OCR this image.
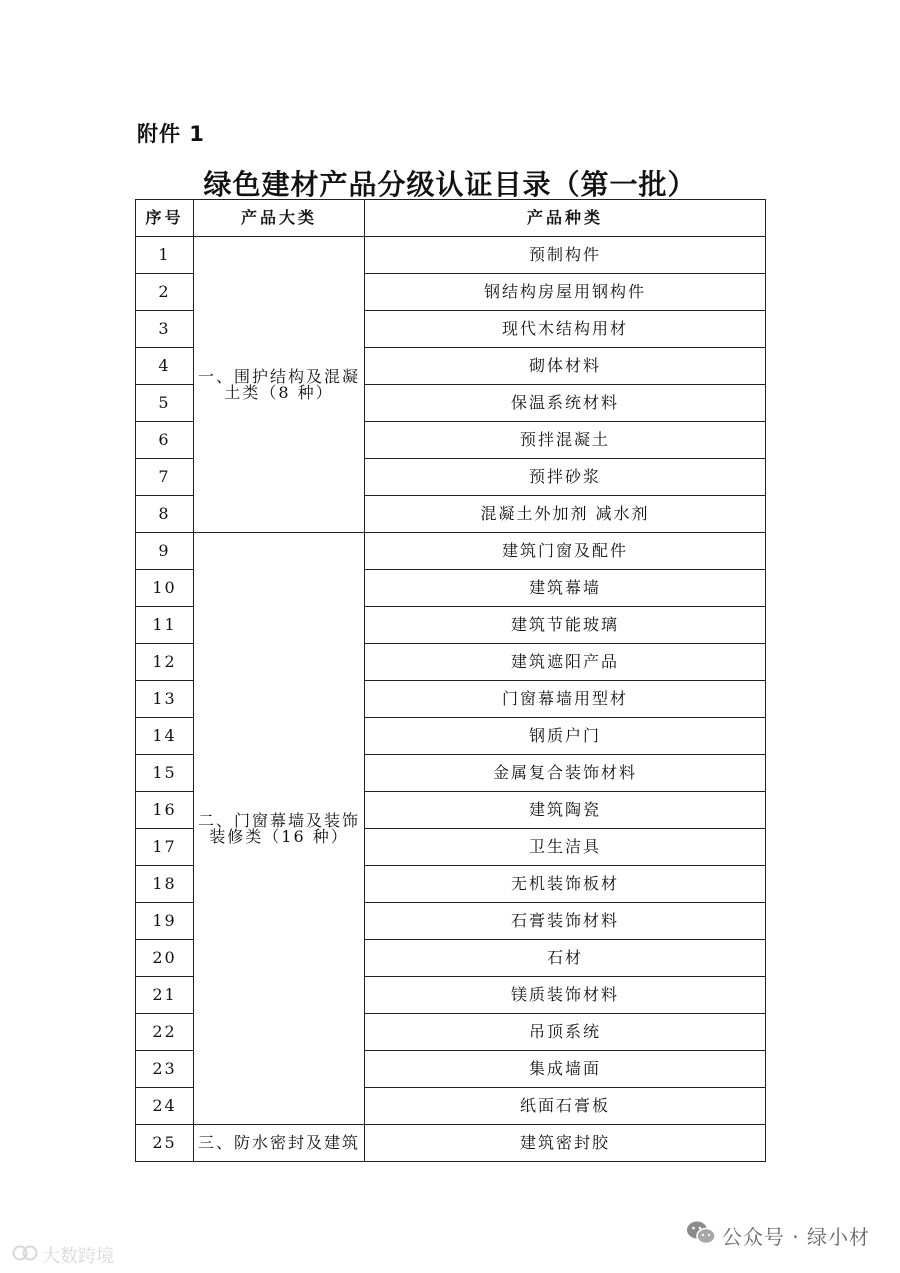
附件 1
绿色建材产品分级认证目录（第一批）
序号	产品大类	产品种类
1	一、围护结构及混凝土类（8 种）	预制构件
2		钢结构房屋用钢构件
3		现代木结构用材
4		砌体材料
5		保温系统材料
6		预拌混凝土
7		预拌砂浆
8		混凝土外加剂 减水剂
9	二、门窗幕墙及装饰装修类（16 种）	建筑门窗及配件
10		建筑幕墙
11		建筑节能玻璃
12		建筑遮阳产品
13		门窗幕墙用型材
14		钢质户门
15		金属复合装饰材料
16		建筑陶瓷
17		卫生洁具
18		无机装饰板材
19		石膏装饰材料
20		石材
21		镁质装饰材料
22		吊顶系统
23		集成墙面
24		纸面石膏板
25	三、防水密封及建筑	建筑密封胶
公众号 · 绿小材
大数跨境
